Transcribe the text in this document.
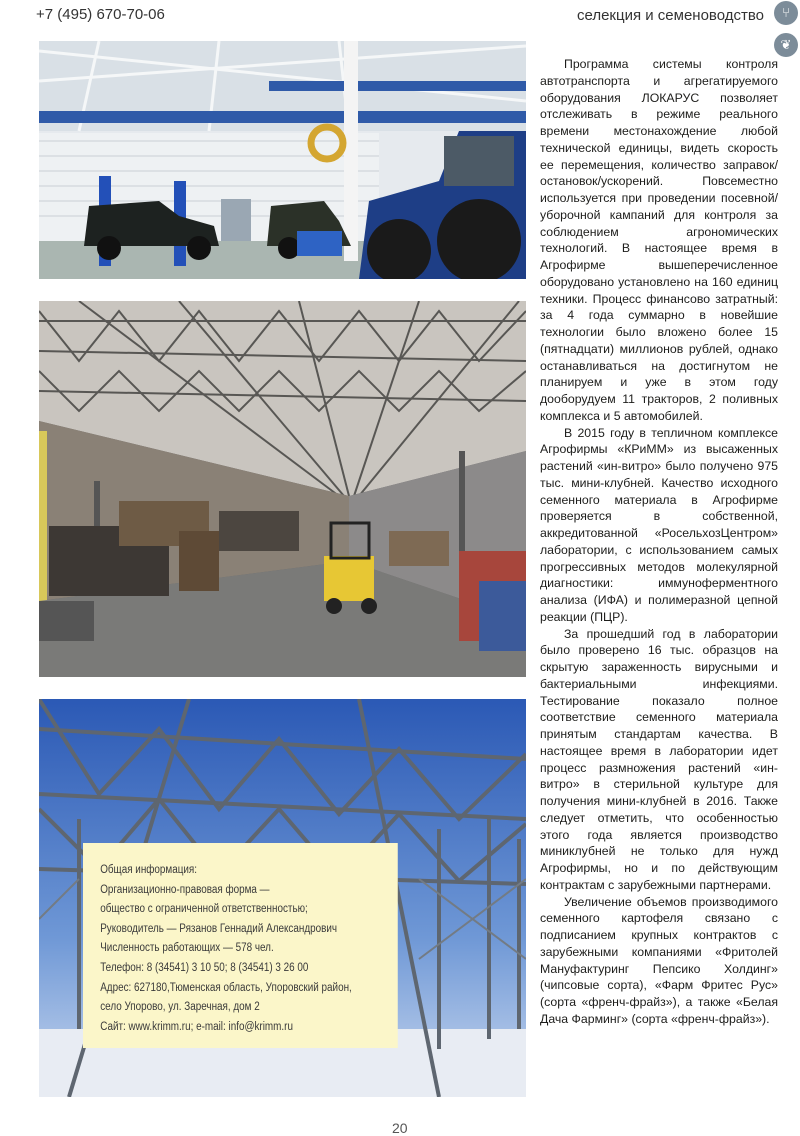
+7 (495) 670-70-06	селекция и семеноводство	⑂
❦
Общая информация:
Организационно-правовая форма —
общество с ограниченной ответственностью;
Руководитель — Рязанов Геннадий Александрович
Численность работающих — 578 чел.
Телефон: 8 (34541) 3 10 50; 8 (34541) 3 26 00
Адрес: 627180,Тюменская область, Упоровский район,
село Упорово, ул. Заречная, дом 2
Сайт: www.krimm.ru; e-mail: info@krimm.ru

Программа системы контроля автотранспорта и агрегатируемого оборудования ЛОКАРУС позволяет отслеживать в режиме реального времени местонахождение любой технической единицы, видеть скорость ее перемещения, количество заправок/остановок/ускорений. Повсеместно используется при проведении посевной/уборочной кампаний для контроля за соблюдением агрономических технологий. В настоящее время в Агрофирме вышеперечисленное оборудовано установлено на 160 единиц техники. Процесс финансово затратный: за 4 года суммарно в новейшие технологии было вложено более 15 (пятнадцати) миллионов рублей, однако останавливаться на достигнутом не планируем и уже в этом году дооборудуем 11 тракторов, 2 поливных комплекса и 5 автомобилей.

В 2015 году в тепличном комплексе Агрофирмы «КРиММ» из высаженных растений «ин-витро» было получено 975 тыс. мини-клубней. Качество исходного семенного материала в Агрофирме проверяется в собственной, аккредитованной «РосельхозЦентром» лаборатории, с использованием самых прогрессивных методов молекулярной диагностики: иммуноферментного анализа (ИФА) и полимеразной цепной реакции (ПЦР).

За прошедший год в лаборатории было проверено 16 тыс. образцов на скрытую зараженность вирусными и бактериальными инфекциями. Тестирование показало полное соответствие семенного материала принятым стандартам качества. В настоящее время в лаборатории идет процесс размножения растений «ин-витро» в стерильной культуре для получения мини-клубней в 2016. Также следует отметить, что особенностью этого года является производство миниклубней не только для нужд Агрофирмы, но и по действующим контрактам с зарубежными партнерами.

Увеличение объемов производимого семенного картофеля связано с подписанием крупных контрактов с зарубежными компаниями «Фритолей Мануфактуринг Пепсико Холдинг» (чипсовые сорта), «Фарм Фритес Рус» (сорта «френч-фрайз»), а также «Белая Дача Фарминг» (сорта «френч-фрайз»).

20
